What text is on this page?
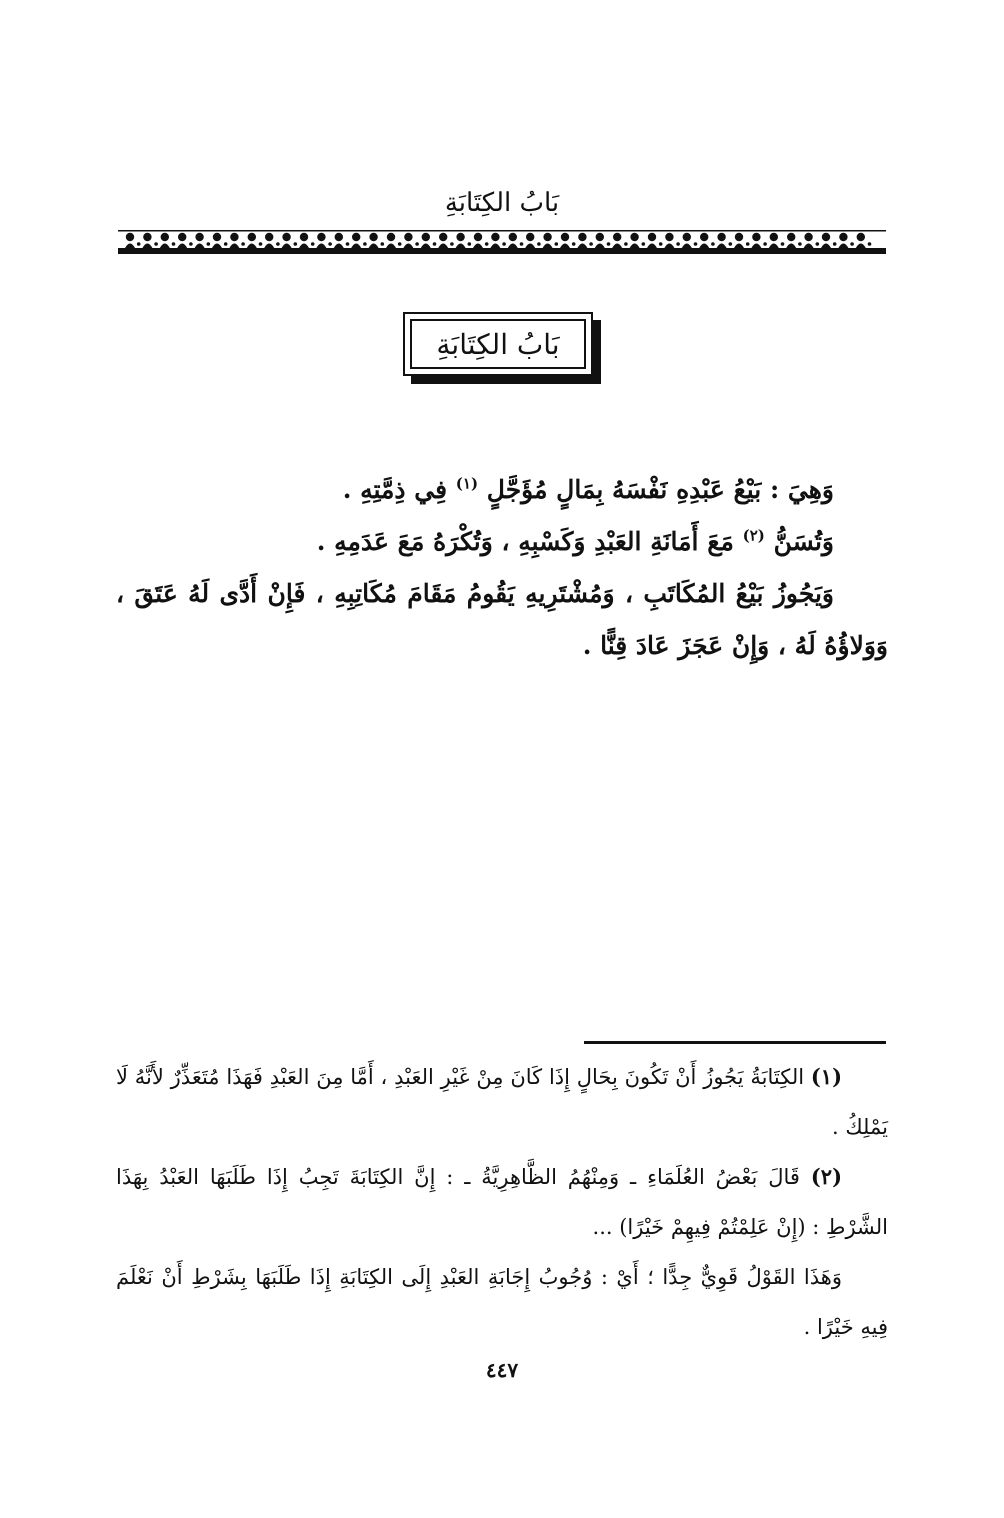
بَابُ الكِتَابَةِ
بَابُ الكِتَابَةِ

وَهِيَ : بَيْعُ عَبْدِهِ نَفْسَهُ بِمَالٍ مُؤَجَّلٍ $^{(١)}$ فِي ذِمَّتِهِ .

وَتُسَنُّ $^{(٢)}$ مَعَ أَمَانَةِ العَبْدِ وَكَسْبِهِ ، وَتُكْرَهُ مَعَ عَدَمِهِ .

وَيَجُوزُ بَيْعُ المُكَاتَبِ ، وَمُشْتَرِيهِ يَقُومُ مَقَامَ مُكَاتِبِهِ ، فَإِنْ أَدَّى لَهُ عَتَقَ ، وَوَلاؤُهُ لَهُ ، وَإِنْ عَجَزَ عَادَ قِنًّا .

(١) الكِتَابَةُ يَجُوزُ أَنْ تَكُونَ بِحَالٍ إِذَا كَانَ مِنْ غَيْرِ العَبْدِ ، أَمَّا مِنَ العَبْدِ فَهَذَا مُتَعَذِّرٌ لأَنَّهُ لَا يَمْلِكُ .

(٢) قَالَ بَعْضُ العُلَمَاءِ ـ وَمِنْهُمُ الظَّاهِرِيَّةُ ـ : إِنَّ الكِتَابَةَ تَجِبُ إِذَا طَلَبَهَا العَبْدُ بِهَذَا الشَّرْطِ : (إِنْ عَلِمْتُمْ فِيهِمْ خَيْرًا) ...

وَهَذَا القَوْلُ قَوِيٌّ جِدًّا ؛ أَيْ : وُجُوبُ إِجَابَةِ العَبْدِ إِلَى الكِتَابَةِ إِذَا طَلَبَهَا بِشَرْطِ أَنْ نَعْلَمَ فِيهِ خَيْرًا .

٤٤٧
